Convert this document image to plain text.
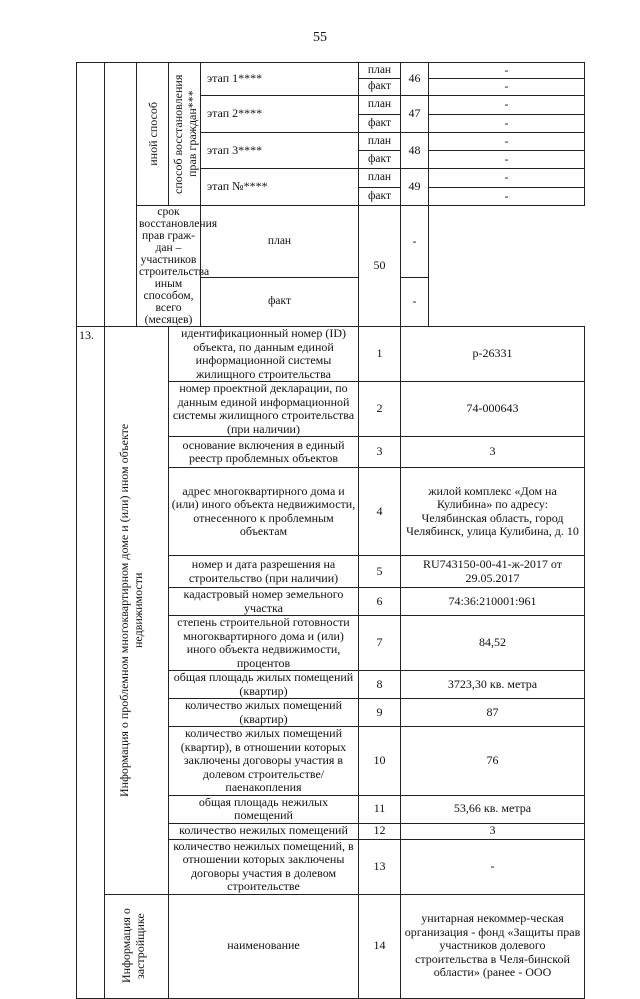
55

		иной способ	способ восстановления прав граждан***	этап 1****	план	46	-
					факт		-
				этап 2****	план	47	-
					факт		-
				этап 3****	план	48	-
					факт		-
				этап №****	план	49	-
					факт		-
		срок восстановления прав граж-дан – участников строительства иным способом, всего (месяцев)		план	50	-	
				факт		-	
13.	Информация о проблемном многоквартирном доме и (или) ином объекте недвижимости		идентификационный номер (ID) объекта, по данным единой информационной системы жилищного строительства		1	р-26331	
			номер проектной декларации, по данным единой информационной системы жилищного строительства (при наличии)		2	74-000643	
			основание включения в единый реестр проблемных объектов		3	3	
			адрес многоквартирного дома и (или) иного объекта недвижимости, отнесенного к проблемным объектам		4	жилой комплекс «Дом на Кулибина» по адресу: Челябинская область, город Челябинск, улица Кулибина, д. 10	
			номер и дата разрешения на строительство (при наличии)		5	RU743150-00-41-ж-2017 от 29.05.2017	
			кадастровый номер земельного участка		6	74:36:210001:961	
			степень строительной готовности многоквартирного дома и (или) иного объекта недвижимости, процентов		7	84,52	
			общая площадь жилых помещений (квартир)		8	3723,30 кв. метра	
			количество жилых помещений (квартир)		9	87	
			количество жилых помещений (квартир), в отношении которых заключены договоры участия в долевом строительстве/паенакопления		10	76	
			общая площадь нежилых помещений		11	53,66 кв. метра	
			количество нежилых помещений		12	3	
			количество нежилых помещений, в отношении которых заключены договоры участия в долевом строительстве		13	-	

	Информация о застройщике		наименование		14	унитарная некоммер-ческая организация - фонд «Защиты прав участников долевого строительства в Челя-бинской области» (ранее - ООО	
